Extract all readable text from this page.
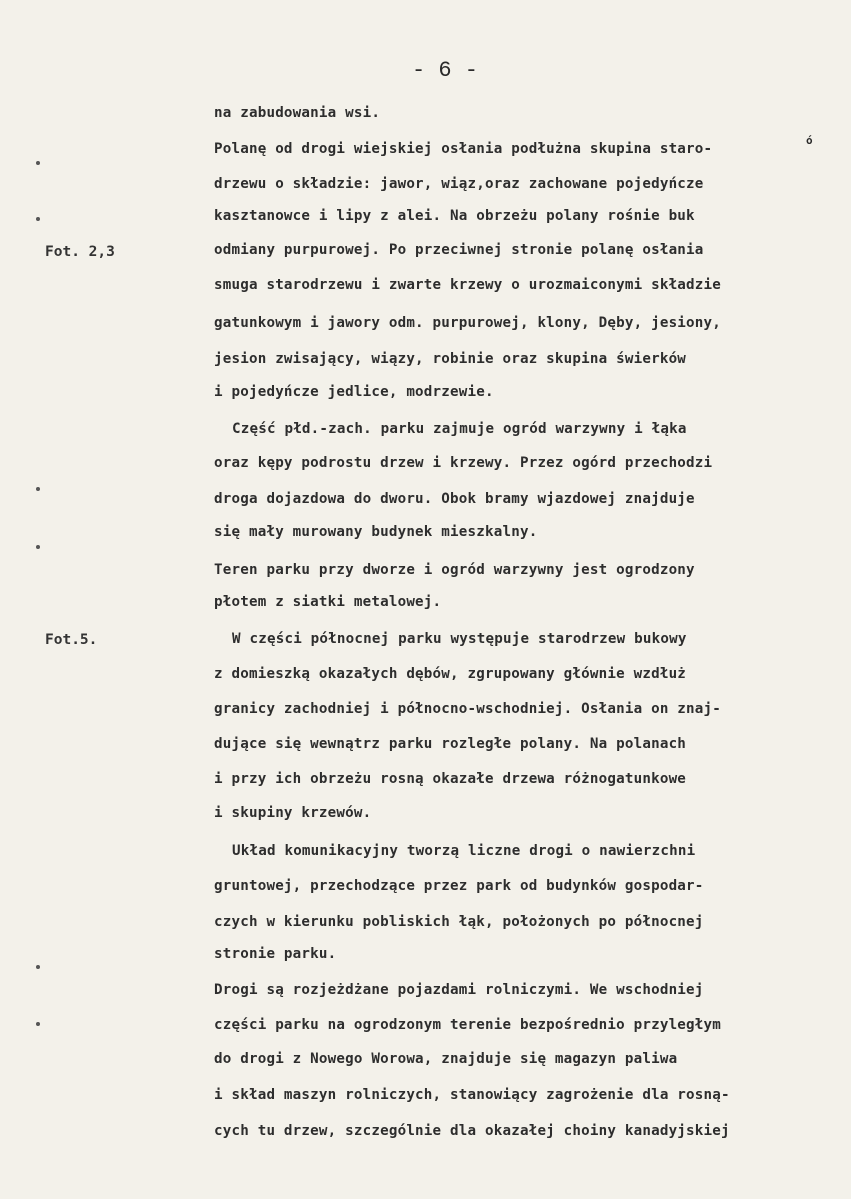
- 6 -
Fot. 2,3
Fot.5.
ó
na zabudowania wsi.
Polanę od drogi wiejskiej osłania podłużna skupina staro-
drzewu o składzie: jawor, wiąz,oraz zachowane pojedyńcze
kasztanowce i lipy z alei. Na obrzeżu polany rośnie buk
odmiany purpurowej. Po przeciwnej stronie polanę osłania
smuga starodrzewu i zwarte krzewy o urozmaiconymi składzie
gatunkowym i jawory odm. purpurowej, klony, Dęby, jesiony,
jesion zwisający, wiązy, robinie oraz skupina świerków
i pojedyńcze jedlice, modrzewie.
Część płd.-zach. parku zajmuje ogród warzywny i łąka
oraz kępy podrostu drzew i krzewy. Przez ogórd przechodzi
droga dojazdowa do dworu. Obok bramy wjazdowej znajduje
się mały murowany budynek mieszkalny.
Teren parku przy dworze i ogród warzywny jest ogrodzony
płotem z siatki metalowej.
W części północnej parku występuje starodrzew bukowy
z domieszką okazałych dębów, zgrupowany głównie wzdłuż
granicy zachodniej i północno-wschodniej. Osłania on znaj-
dujące się wewnątrz parku rozległe polany. Na polanach
i przy ich obrzeżu rosną okazałe drzewa różnogatunkowe
i skupiny krzewów.
Układ komunikacyjny tworzą liczne drogi o nawierzchni
gruntowej, przechodzące przez park od budynków gospodar-
czych w kierunku pobliskich łąk, położonych po północnej
stronie parku.
Drogi są rozjeżdżane pojazdami rolniczymi. We wschodniej
części parku na ogrodzonym terenie bezpośrednio przyległym
do drogi z Nowego Worowa, znajduje się magazyn paliwa
i skład maszyn rolniczych, stanowiący zagrożenie dla rosną-
cych tu drzew, szczególnie dla okazałej choiny kanadyjskiej
